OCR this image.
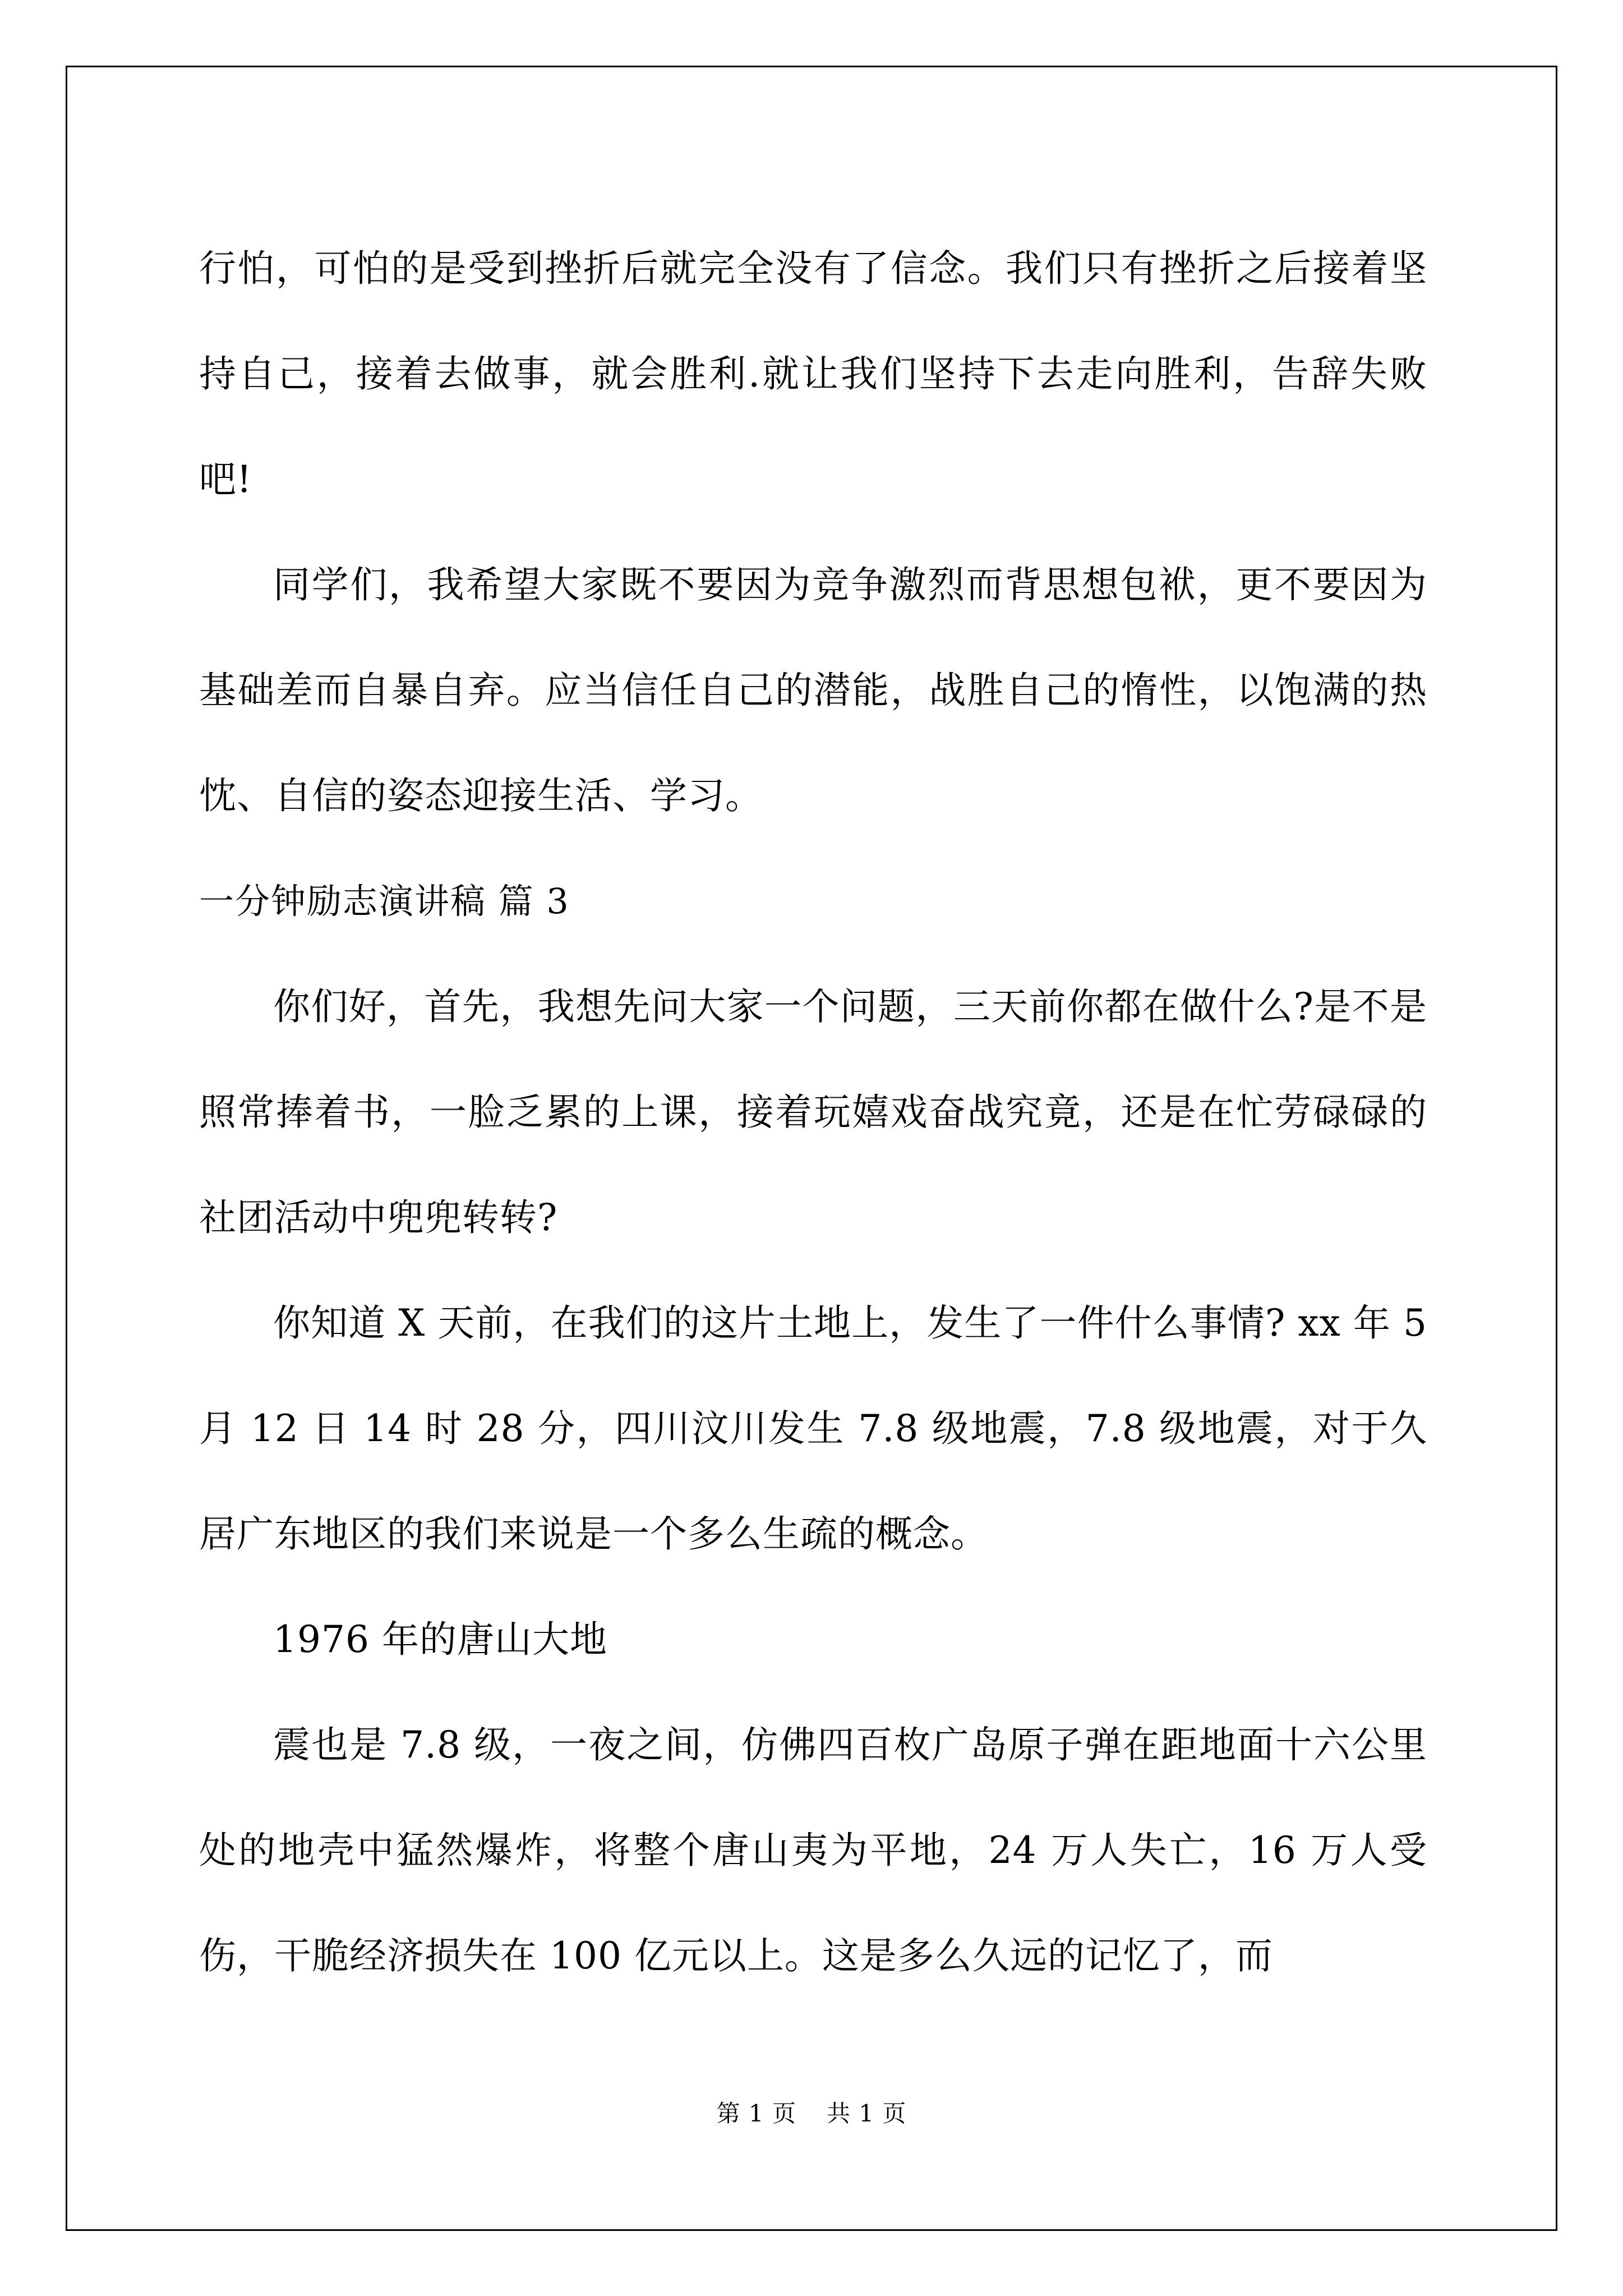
行怕，可怕的是受到挫折后就完全没有了信念。我们只有挫折之后接着坚持自己，接着去做事，就会胜利.就让我们坚持下去走向胜利，告辞失败吧!

同学们，我希望大家既不要因为竞争激烈而背思想包袱，更不要因为基础差而自暴自弃。应当信任自己的潜能，战胜自己的惰性，以饱满的热忱、自信的姿态迎接生活、学习。

一分钟励志演讲稿 篇 3

你们好，首先，我想先问大家一个问题，三天前你都在做什么?是不是照常捧着书，一脸乏累的上课，接着玩嬉戏奋战究竟，还是在忙劳碌碌的社团活动中兜兜转转?

你知道 X 天前，在我们的这片土地上，发生了一件什么事情? xx 年 5 月 12 日 14 时 28 分，四川汶川发生 7.8 级地震，7.8 级地震，对于久居广东地区的我们来说是一个多么生疏的概念。

1976 年的唐山大地

震也是 7.8 级，一夜之间，仿佛四百枚广岛原子弹在距地面十六公里处的地壳中猛然爆炸，将整个唐山夷为平地，24 万人失亡，16 万人受伤，干脆经济损失在 100 亿元以上。这是多么久远的记忆了，而

第 1 页 共 1 页
